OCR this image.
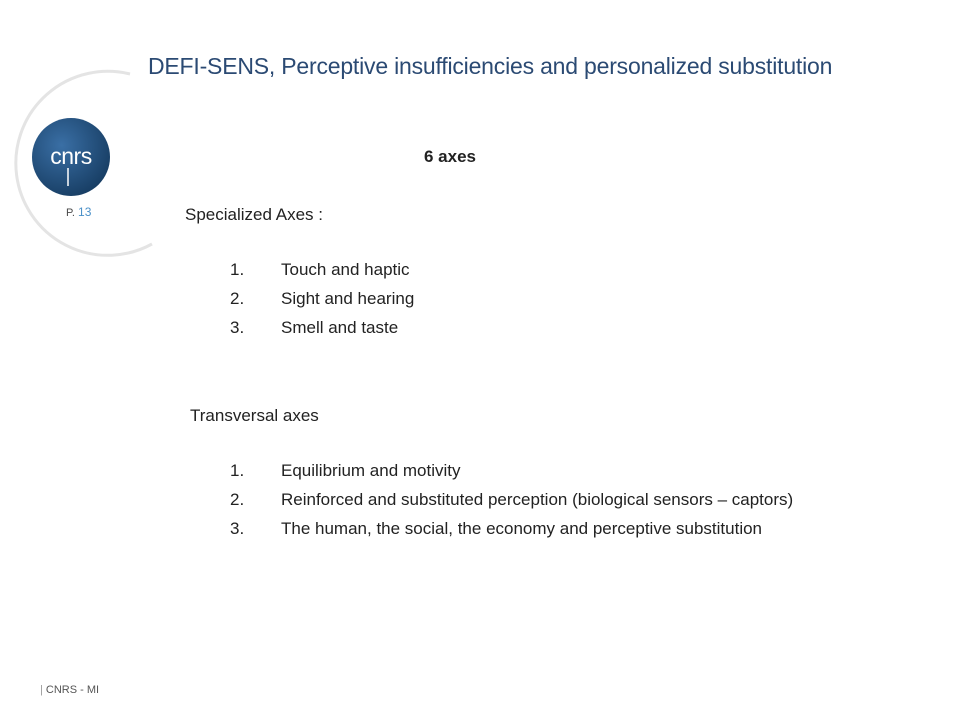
cnrs
P. 13
DEFI-SENS, Perceptive insufficiencies and personalized substitution
6 axes
Specialized Axes :
1.	Touch and haptic
2.	Sight and hearing
3.	Smell and taste
Transversal axes
1.	Equilibrium and motivity
2.	Reinforced and substituted perception (biological sensors – captors)
3.	The human, the social, the economy and perceptive substitution
| CNRS - MI
